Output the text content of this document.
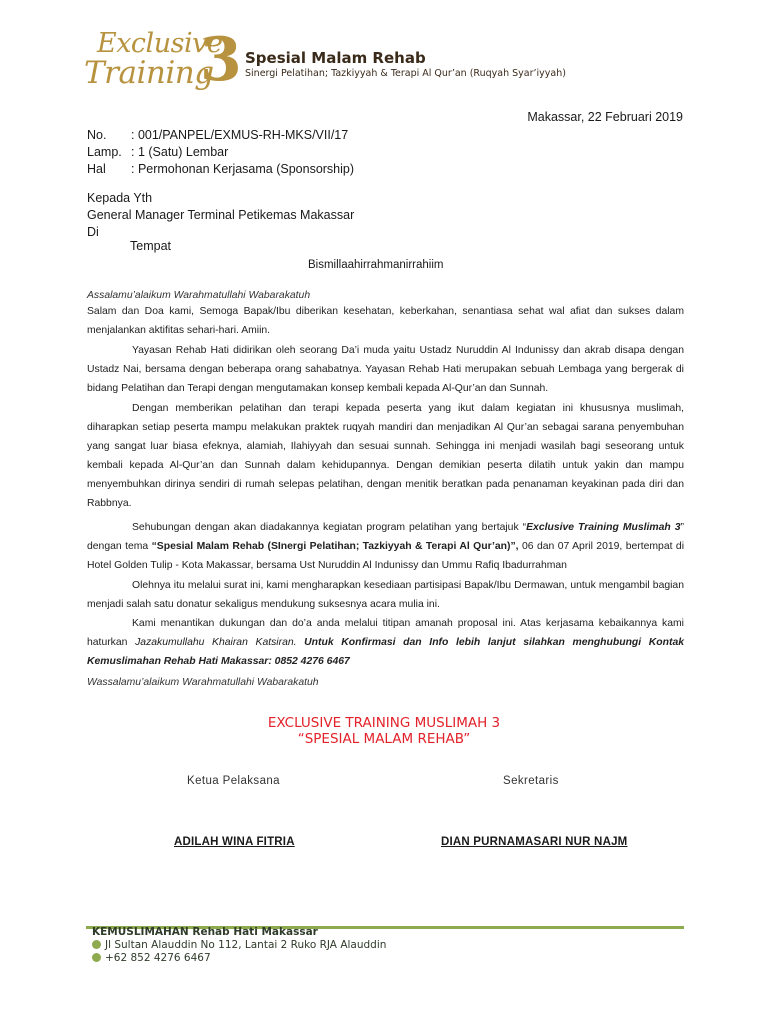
Exclusive
Training
3 Spesial Malam Rehab
Sinergi Pelatihan; Tazkiyyah & Terapi Al Qur’an (Ruqyah Syar’iyyah)
Makassar, 22 Februari 2019
No. : 001/PANPEL/EXMUS-RH-MKS/VII/17
Lamp. : 1 (Satu) Lembar
Hal : Permohonan Kerjasama (Sponsorship)
Kepada Yth
General Manager Terminal Petikemas Makassar
Di
Tempat
Bismillaahirrahmanirrahiim
Assalamu’alaikum Warahmatullahi Wabarakatuh
Salam dan Doa kami, Semoga Bapak/Ibu diberikan kesehatan, keberkahan, senantiasa sehat wal afiat dan sukses dalam menjalankan aktifitas sehari-hari. Amiin.
Yayasan Rehab Hati didirikan oleh seorang Da’i muda yaitu Ustadz Nuruddin Al Indunissy dan akrab disapa dengan Ustadz Nai, bersama dengan beberapa orang sahabatnya. Yayasan Rehab Hati merupakan sebuah Lembaga yang bergerak di bidang Pelatihan dan Terapi dengan mengutamakan konsep kembali kepada Al-Qur’an dan Sunnah.
Dengan memberikan pelatihan dan terapi kepada peserta yang ikut dalam kegiatan ini khususnya muslimah, diharapkan setiap peserta mampu melakukan praktek ruqyah mandiri dan menjadikan Al Qur’an sebagai sarana penyembuhan yang sangat luar biasa efeknya, alamiah, Ilahiyyah dan sesuai sunnah. Sehingga ini menjadi wasilah bagi seseorang untuk kembali kepada Al-Qur’an dan Sunnah dalam kehidupannya. Dengan demikian peserta dilatih untuk yakin dan mampu menyembuhkan dirinya sendiri di rumah selepas pelatihan, dengan menitik beratkan pada penanaman keyakinan pada diri dan Rabbnya.
Sehubungan dengan akan diadakannya kegiatan program pelatihan yang bertajuk “Exclusive Training Muslimah 3” dengan tema “Spesial Malam Rehab (SInergi Pelatihan; Tazkiyyah & Terapi Al Qur’an)”, 06 dan 07 April 2019, bertempat di Hotel Golden Tulip - Kota Makassar, bersama Ust Nuruddin Al Indunissy dan Ummu Rafiq Ibadurrahman
Olehnya itu melalui surat ini, kami mengharapkan kesediaan partisipasi Bapak/Ibu Dermawan, untuk mengambil bagian menjadi salah satu donatur sekaligus mendukung suksesnya acara mulia ini.
Kami menantikan dukungan dan do’a anda melalui titipan amanah proposal ini. Atas kerjasama kebaikannya kami haturkan Jazakumullahu Khairan Katsiran. Untuk Konfirmasi dan Info lebih lanjut silahkan menghubungi Kontak Kemuslimahan Rehab Hati Makassar: 0852 4276 6467
Wassalamu’alaikum Warahmatullahi Wabarakatuh
EXCLUSIVE TRAINING MUSLIMAH 3
“SPESIAL MALAM REHAB”
Ketua Pelaksana	Sekretaris
ADILAH WINA FITRIA	DIAN PURNAMASARI NUR NAJM
KEMUSLIMAHAN Rehab Hati Makassar
Jl Sultan Alauddin No 112, Lantai 2 Ruko RJA Alauddin
+62 852 4276 6467
